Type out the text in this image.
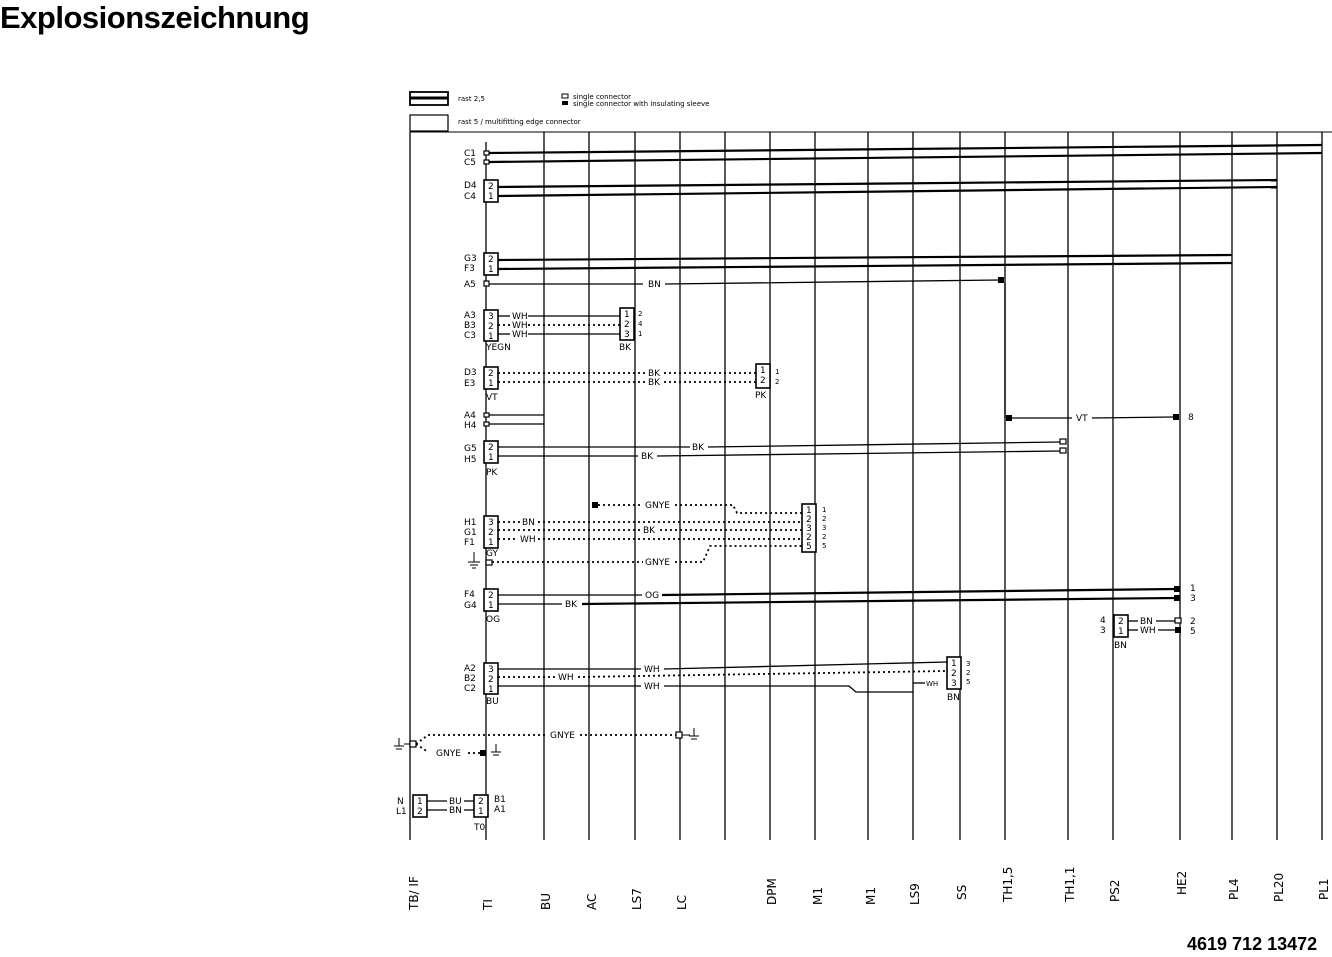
Explosionszeichnung
rast 2,5
rast 5 / multifitting edge connector
single connector
single connector with insulating sleeve
TB/ IF	TI	BU	AC	LS7	LC	DPM	M1	M1	LS9	SS	TH1,5	TH1,1	PS2	HE2	PL4	PL20	PL1
C1
C5
D4
C4
2
1
G3
F3
2
1
A5	BN
A3
B3
C3
3
2
1
YEGN
WH
WH
WH
1
2
3
2
4
1
BK
D3
E3
2
1
VT
BK
BK
1
2
1
2
PK
A4
H4
VT	8
G5
H5
2
1
PK
BK
BK
H1
G1
F1
3
2
1
GY
GNYE
BN
BK
WH
GNYE
1
2
3
2
5
1
2
3
2
5
F4
G4
2
1
OG
OG
BK
1
3
4
3
2
1
BN
BN
WH
2
5
A2
B2
C2
3
2
1
BU
WH
WH
WH	WH
1
2
3
3
2
5
BN
GNYE
GNYE
N
L1
1
2
BU
BN
2
1
B1
A1
T0
4619 712 13472
